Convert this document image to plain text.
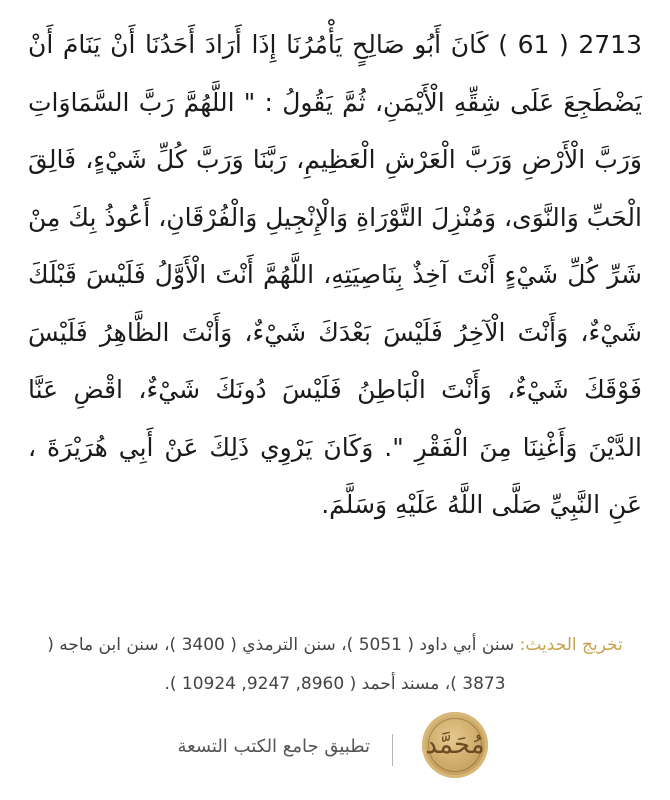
2713 ( 61 ) كَانَ أَبُو صَالِحٍ يَأْمُرُنَا إِذَا أَرَادَ أَحَدُنَا أَنْ يَنَامَ أَنْ يَضْطَجِعَ عَلَى شِقِّهِ الْأَيْمَنِ، ثُمَّ يَقُولُ : " اللَّهُمَّ رَبَّ السَّمَاوَاتِ وَرَبَّ الْأَرْضِ وَرَبَّ الْعَرْشِ الْعَظِيمِ، رَبَّنَا وَرَبَّ كُلِّ شَيْءٍ، فَالِقَ الْحَبِّ وَالنَّوَى، وَمُنْزِلَ التَّوْرَاةِ وَالْإِنْجِيلِ وَالْفُرْقَانِ، أَعُوذُ بِكَ مِنْ شَرِّ كُلِّ شَيْءٍ أَنْتَ آخِذٌ بِنَاصِيَتِهِ، اللَّهُمَّ أَنْتَ الْأَوَّلُ فَلَيْسَ قَبْلَكَ شَيْءٌ، وَأَنْتَ الْآخِرُ فَلَيْسَ بَعْدَكَ شَيْءٌ، وَأَنْتَ الظَّاهِرُ فَلَيْسَ فَوْقَكَ شَيْءٌ، وَأَنْتَ الْبَاطِنُ فَلَيْسَ دُونَكَ شَيْءٌ، اقْضِ عَنَّا الدَّيْنَ وَأَغْنِنَا مِنَ الْفَقْرِ ". وَكَانَ يَرْوِي ذَلِكَ عَنْ أَبِي هُرَيْرَةَ ، عَنِ النَّبِيِّ صَلَّى اللَّهُ عَلَيْهِ وَسَلَّمَ.
تخريج الحديث: سنن أبي داود ( 5051 )، سنن الترمذي ( 3400 )، سنن ابن ماجه ( 3873 )، مسند أحمد ( 8960, 9247, 10924 ).
مُحَمَّد
تطبيق جامع الكتب التسعة
